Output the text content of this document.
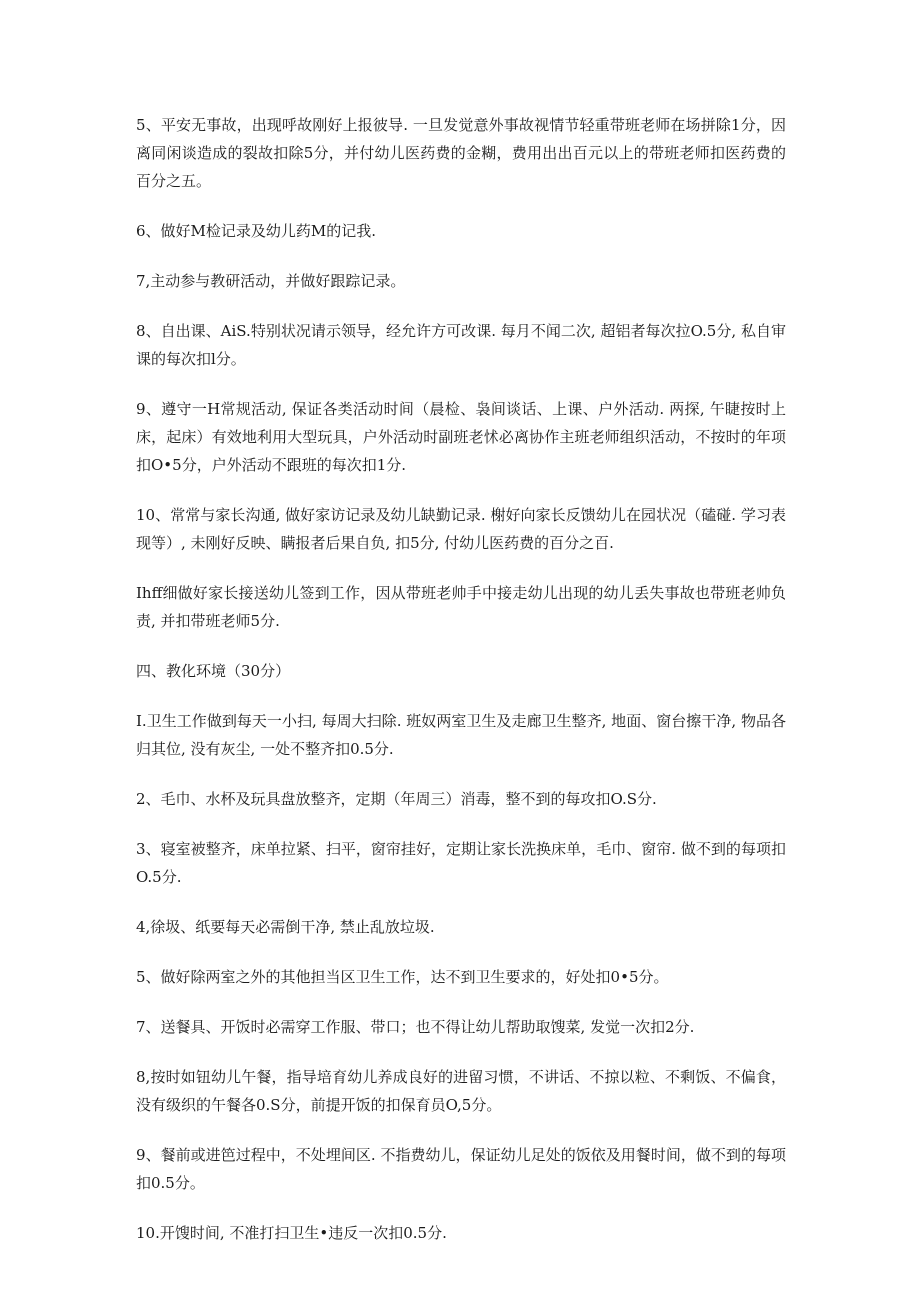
5、平安无事故，出现呼故刚好上报彼导. 一旦发觉意外事故视情节轻重带班老师在场拼除1分，因离同闲谈造成的裂故扣除5分，并付幼儿医药费的金糊，费用出出百元以上的带班老师扣医药费的百分之五。

6、做好M检记录及幼儿药M的记我.

7,主动参与教研活动，并做好跟踪记录。

8、自出课、AiS.特别状况请示领导，经允许方可改课. 每月不闻二次, 超铝者每次拉O.5分, 私自审课的每次扣l分。

9、遵守一H常规活动, 保证各类活动时间（晨检、袅间谈话、上课、户外活动. 两探, 午睫按时上床，起床）有效地利用大型玩具，户外活动时副班老怵必离协作主班老师组织活动，不按时的年项扣O•5分，户外活动不跟班的每次扣1分.

10、常常与家长沟通, 做好家访记录及幼儿缺勤记录. 榭好向家长反馈幼儿在园状况（磕碰. 学习表现等）, 未刚好反映、瞒报者后果自负, 扣5分, 付幼儿医药费的百分之百.

Ihff细做好家长接送幼儿签到工作，因从带班老帅手中接走幼儿出现的幼儿丢失事故也带班老帅负责, 并扣带班老师5分.

四、教化环境（30分）

I.卫生工作做到每天一小扫, 每周大扫除. 班奴两室卫生及走廊卫生整齐, 地面、窗台擦干净, 物品各归其位, 没有灰尘, 一处不整齐扣0.5分.

2、毛巾、水杯及玩具盘放整齐，定期（年周三）消毒，整不到的每攻扣O.S分.

3、寝室被整齐，床单拉紧、扫平，窗帘挂好，定期让家长洗换床单，毛巾、窗帘. 做不到的每项扣O.5分.

4,徐圾、纸要每天必需倒干净, 禁止乱放垃圾.

5、做好除两室之外的其他担当区卫生工作，达不到卫生要求的，好处扣0•5分。

7、送餐具、开饭时必需穿工作服、带口；也不得让幼儿帮助取馊菜, 发觉一次扣2分.

8,按时如钮幼儿午餐，指导培育幼儿养成良好的进留习惯，不讲话、不掠以粒、不剩饭、不偏食，没有级织的午餐各0.S分，前提开饭的扣保育员O,5分。

9、餐前或进笆过程中，不处埋间区. 不指费幼儿，保证幼儿足处的饭依及用餐时间，做不到的每项扣0.5分。

10.开馊时间, 不准打扫卫生•违反一次扣0.5分.
